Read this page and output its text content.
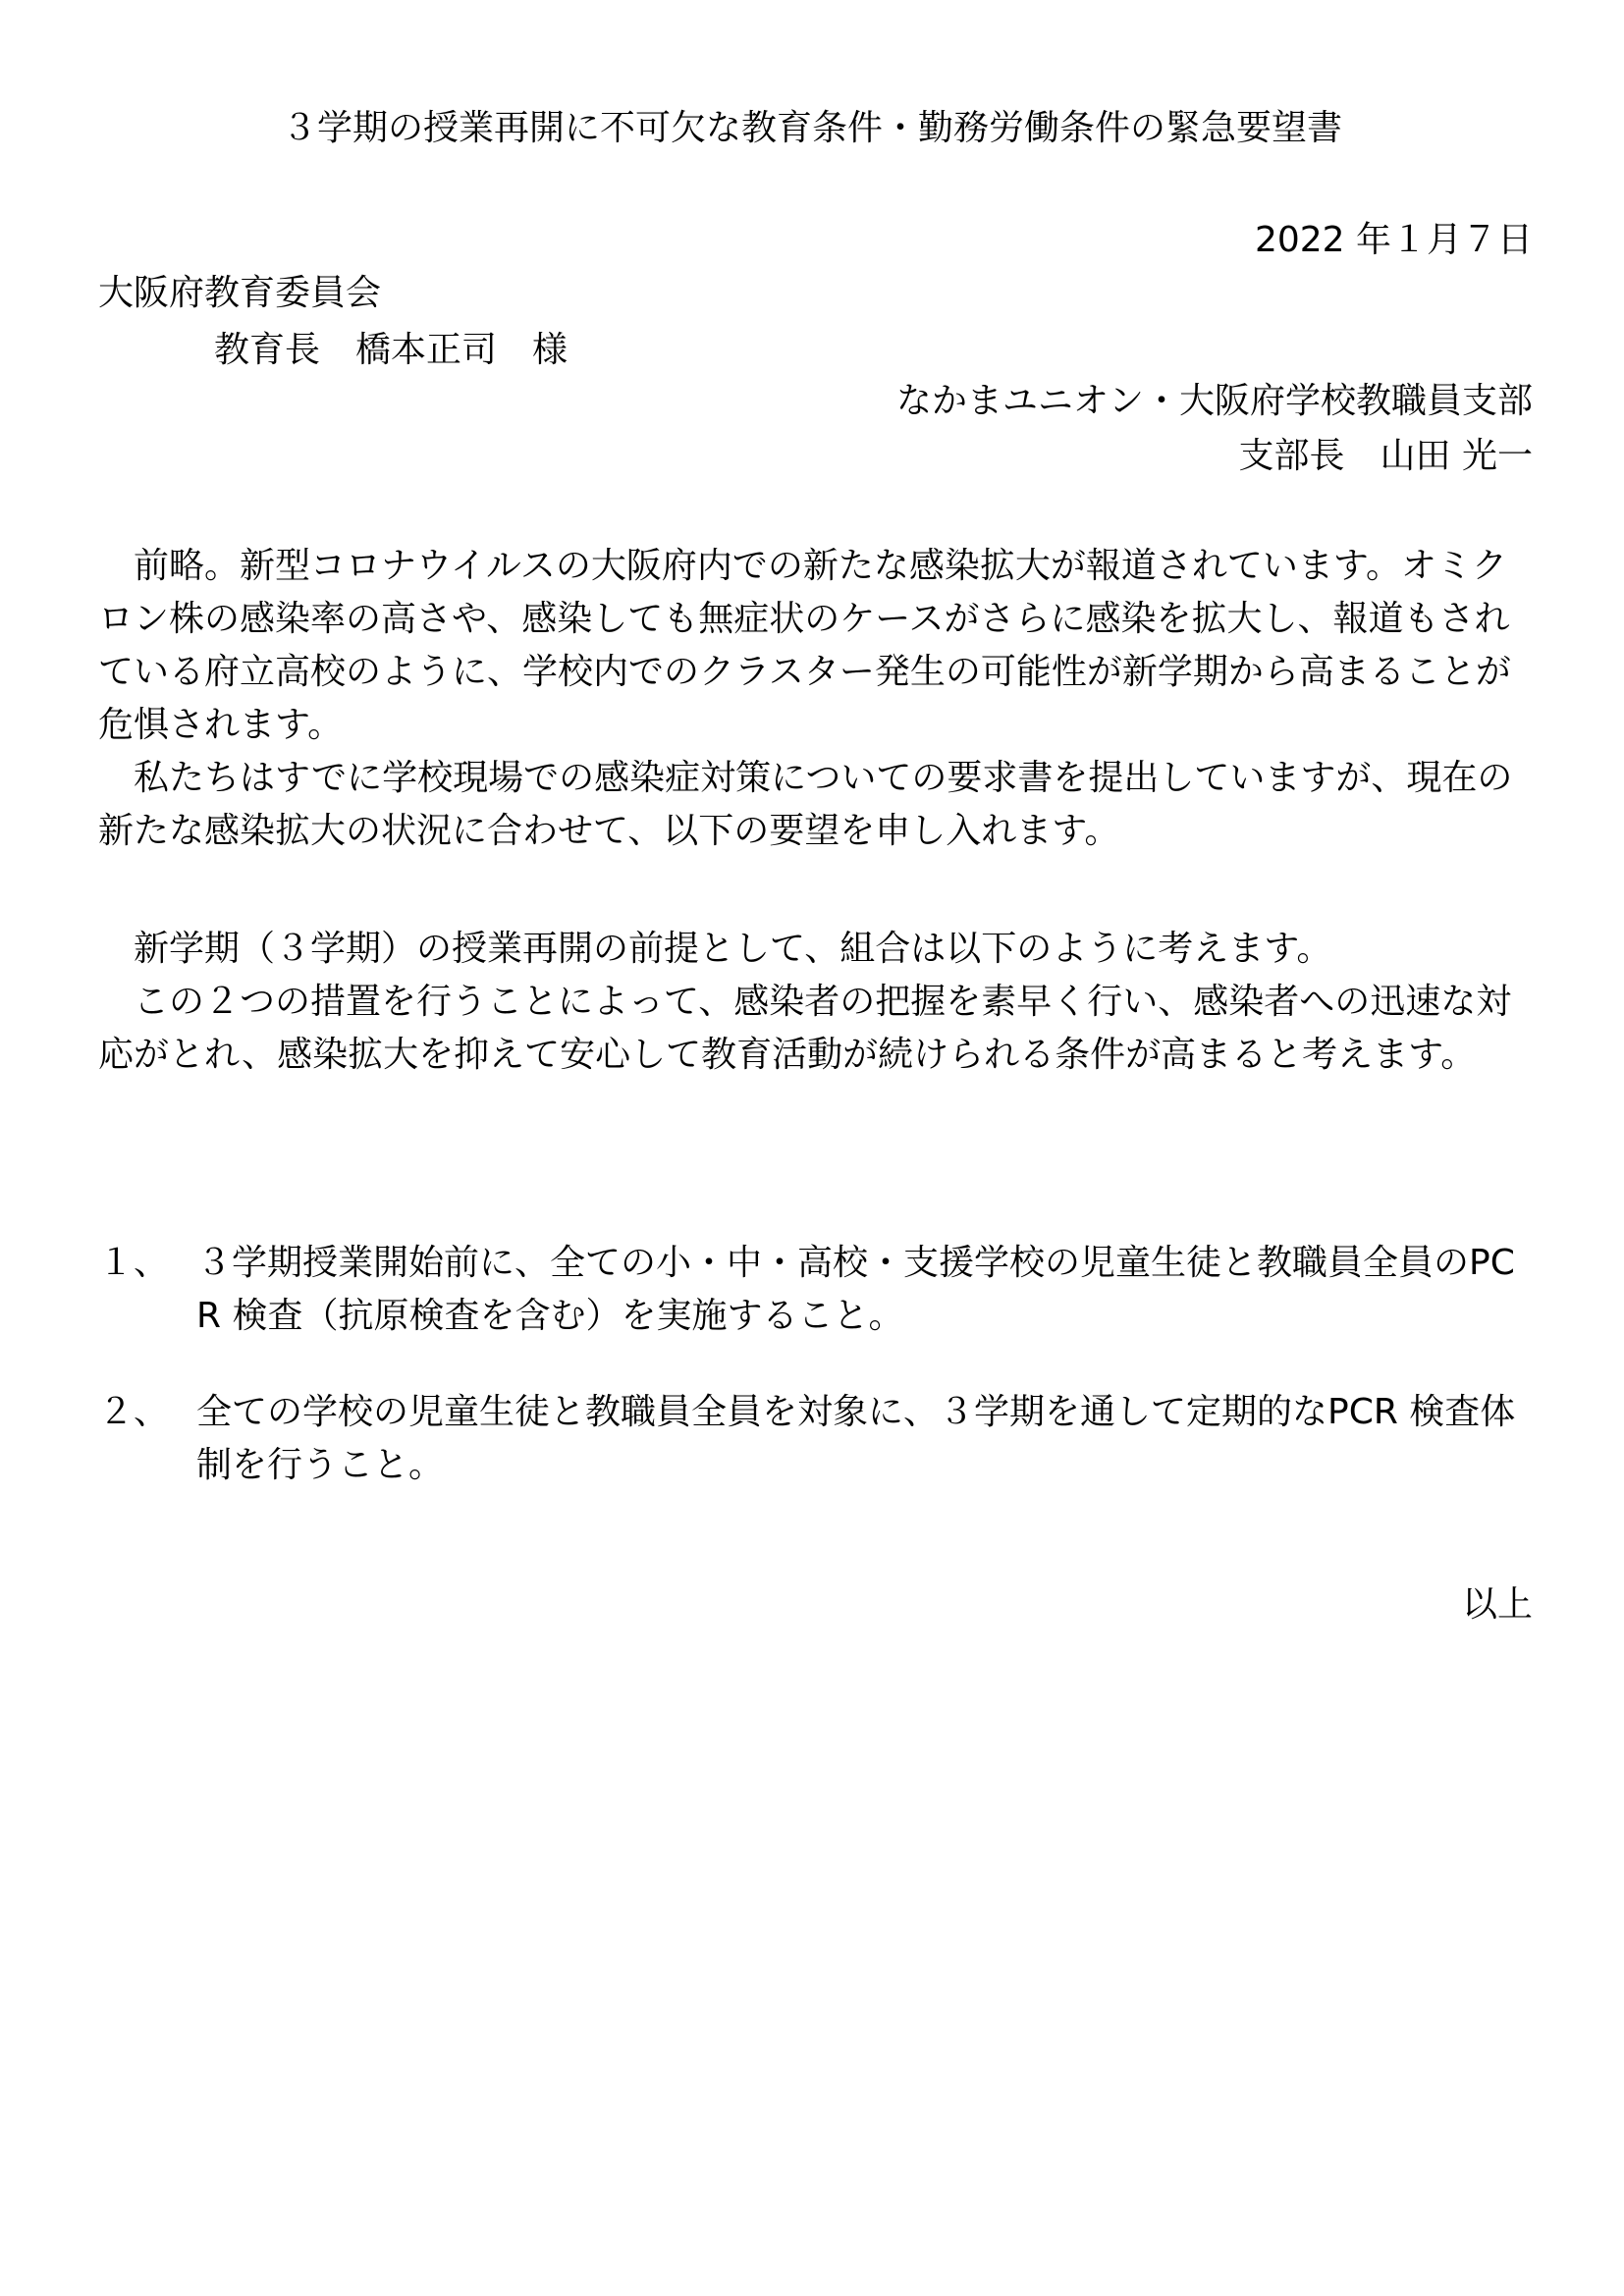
３学期の授業再開に不可欠な教育条件・勤務労働条件の緊急要望書
2022 年１月７日
大阪府教育委員会
教育長　橋本正司　様
なかまユニオン・大阪府学校教職員支部
支部長　山田 光一

前略。新型コロナウイルスの大阪府内での新たな感染拡大が報道されています。オミクロン株の感染率の高さや、感染しても無症状のケースがさらに感染を拡大し、報道もされている府立高校のように、学校内でのクラスター発生の可能性が新学期から高まることが危惧されます。

私たちはすでに学校現場での感染症対策についての要求書を提出していますが、現在の新たな感染拡大の状況に合わせて、以下の要望を申し入れます。

新学期（３学期）の授業再開の前提として、組合は以下のように考えます。

この２つの措置を行うことによって、感染者の把握を素早く行い、感染者への迅速な対応がとれ、感染拡大を抑えて安心して教育活動が続けられる条件が高まると考えます。

１、 ３学期授業開始前に、全ての小・中・高校・支援学校の児童生徒と教職員全員のPCR 検査（抗原検査を含む）を実施すること。
２、 全ての学校の児童生徒と教職員全員を対象に、３学期を通して定期的なPCR 検査体制を行うこと。
以上
